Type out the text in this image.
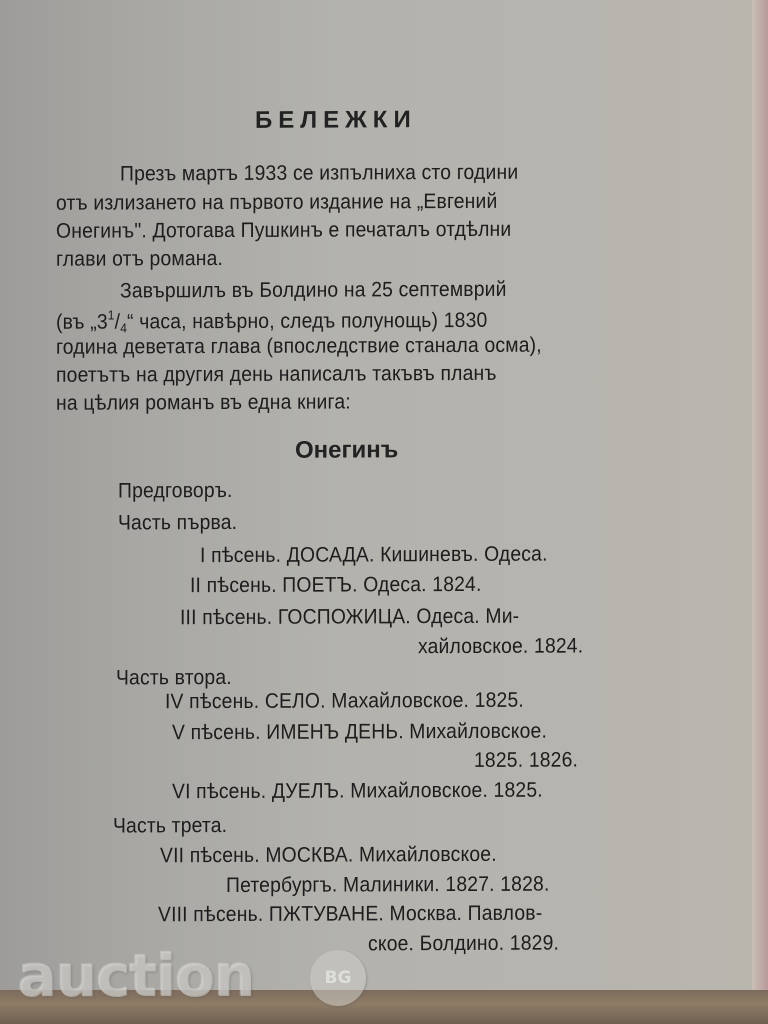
БЕЛЕЖКИ
Презъ мартъ 1933 се изпълниха сто години
отъ излизането на първото издание на „Евгений
Онегинъ". Дотогава Пушкинъ е печаталъ отдѣлни
глави отъ романа.
Завършилъ въ Болдино на 25 септемврий
(въ $„3^1/_4“$ часа, навѣрно, следъ полунощь) 1830
година деветата глава (впоследствие станала осма),
поетътъ на другия день написалъ такъвъ планъ
на цѣлия романъ въ една книга:
Онегинъ
Предговоръ.
Часть първа.
I пѣсень. ДОСАДА. Кишиневъ. Одеса.
II пѣсень. ПОЕТЪ. Одеса. 1824.
III пѣсень. ГОСПОЖИЦА. Одеса. Ми-
хайловское. 1824.
Часть втора.
IV пѣсень. СЕЛО. Махайловское. 1825.
V пѣсень. ИМЕНЪ ДЕНЬ. Михайловское.
1825. 1826.
VI пѣсень. ДУЕЛЪ. Михайловское. 1825.
Часть трета.
VII пѣсень. МОСКВА. Михайловское.
Петербургъ. Малиники. 1827. 1828.
VIII пѣсень. ПЖТУВАНЕ. Москва. Павлов-
ское. Болдино. 1829.
auction	BG
